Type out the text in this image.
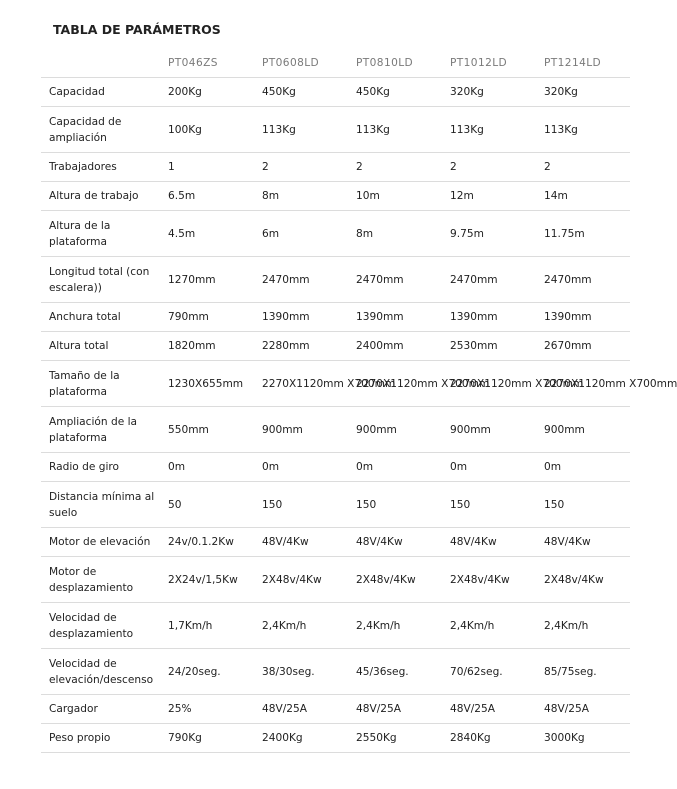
TABLA DE PARÁMETROS
	PT046ZS	PT0608LD	PT0810LD	PT1012LD	PT1214LD
Capacidad	200Kg	450Kg	450Kg	320Kg	320Kg
Capacidad de ampliación	100Kg	113Kg	113Kg	113Kg	113Kg
Trabajadores	1	2	2	2	2
Altura de trabajo	6.5m	8m	10m	12m	14m
Altura de la plataforma	4.5m	6m	8m	9.75m	11.75m
Longitud total (con escalera))	1270mm	2470mm	2470mm	2470mm	2470mm
Anchura total	790mm	1390mm	1390mm	1390mm	1390mm
Altura total	1820mm	2280mm	2400mm	2530mm	2670mm
Tamaño de la plataforma	1230X655mm	2270X1120mm X700mm	2270X1120mm X700mm	2270X1120mm X700mm	2270X1120mm X700mm
Ampliación de la plataforma	550mm	900mm	900mm	900mm	900mm
Radio de giro	0m	0m	0m	0m	0m
Distancia mínima al suelo	50	150	150	150	150
Motor de elevación	24v/0.1.2Kw	48V/4Kw	48V/4Kw	48V/4Kw	48V/4Kw
Motor de desplazamiento	2X24v/1,5Kw	2X48v/4Kw	2X48v/4Kw	2X48v/4Kw	2X48v/4Kw
Velocidad de desplazamiento	1,7Km/h	2,4Km/h	2,4Km/h	2,4Km/h	2,4Km/h
Velocidad de elevación/descenso	24/20seg.	38/30seg.	45/36seg.	70/62seg.	85/75seg.
Cargador	25%	48V/25A	48V/25A	48V/25A	48V/25A
Peso propio	790Kg	2400Kg	2550Kg	2840Kg	3000Kg
